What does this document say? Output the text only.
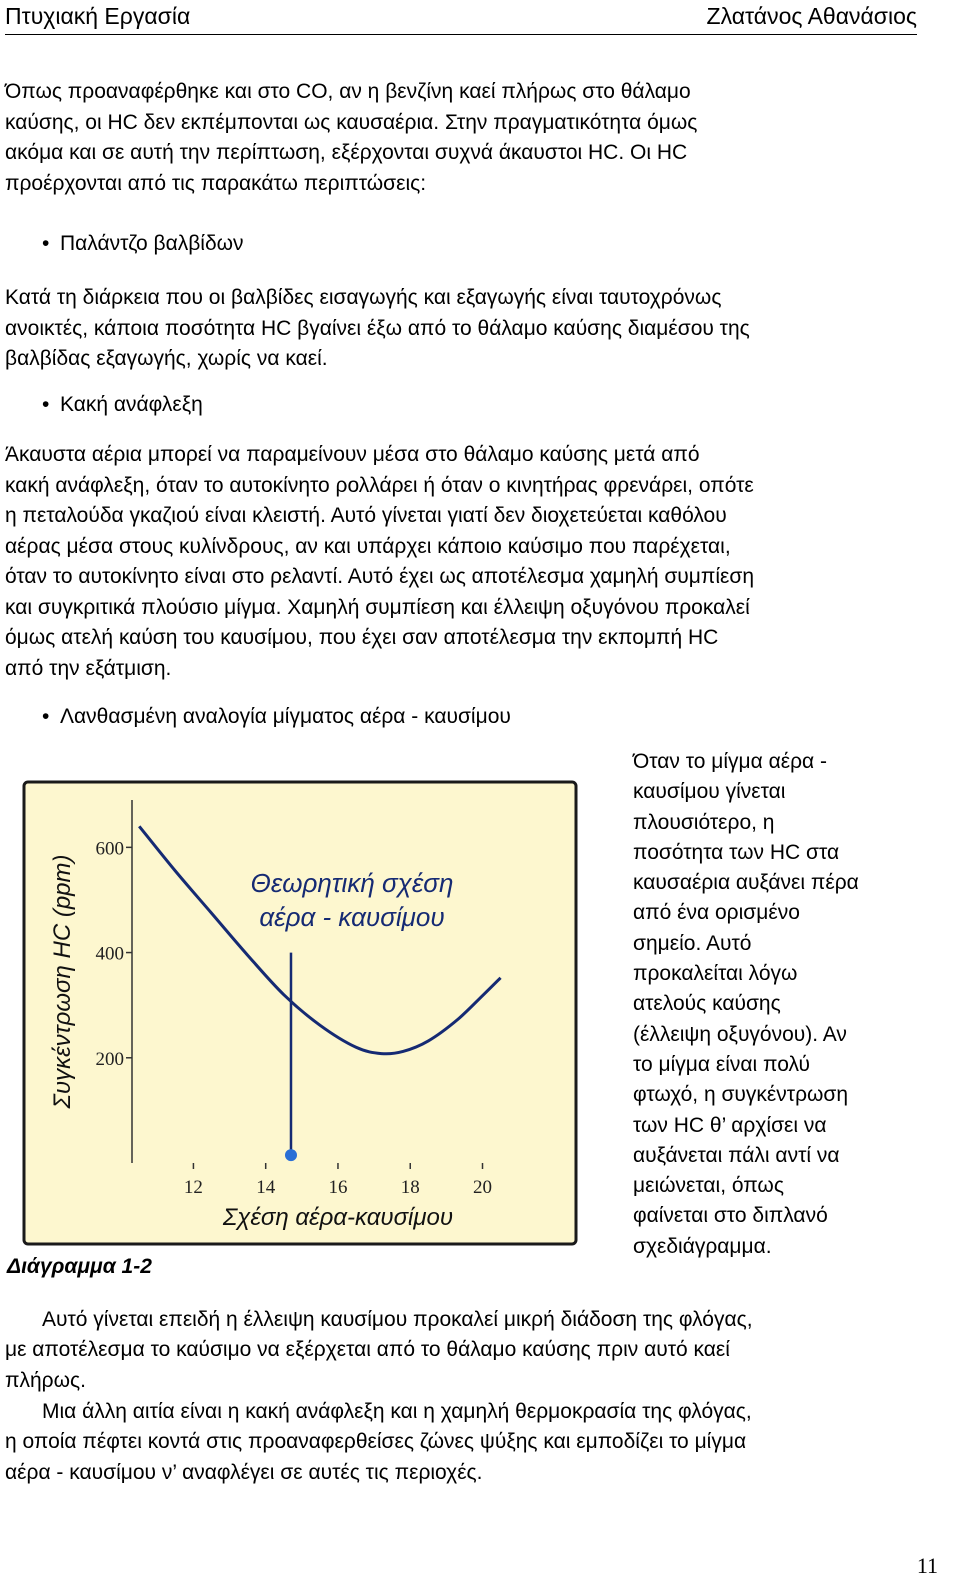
Πτυχιακή Εργασία	Ζλατάνος Αθανάσιος
Όπως προαναφέρθηκε και στο CO, αν η βενζίνη καεί πλήρως στο θάλαμο
καύσης, οι HC δεν εκπέμπονται ως καυσαέρια. Στην πραγματικότητα όμως
ακόμα και σε αυτή την περίπτωση, εξέρχονται συχνά άκαυστοι HC. Οι HC
προέρχονται από τις παρακάτω περιπτώσεις:
• Παλάντζο βαλβίδων
Κατά τη διάρκεια που οι βαλβίδες εισαγωγής και εξαγωγής είναι ταυτοχρόνως
ανοικτές, κάποια ποσότητα HC βγαίνει έξω από το θάλαμο καύσης διαμέσου της
βαλβίδας εξαγωγής, χωρίς να καεί.
• Κακή ανάφλεξη
Άκαυστα αέρια μπορεί να παραμείνουν μέσα στο θάλαμο καύσης μετά από
κακή ανάφλεξη, όταν το αυτοκίνητο ρολλάρει ή όταν ο κινητήρας φρενάρει, οπότε
η πεταλούδα γκαζιού είναι κλειστή. Αυτό γίνεται γιατί δεν διοχετεύεται καθόλου
αέρας μέσα στους κυλίνδρους, αν και υπάρχει κάποιο καύσιμο που παρέχεται,
όταν το αυτοκίνητο είναι στο ρελαντί. Αυτό έχει ως αποτέλεσμα χαμηλή συμπίεση
και συγκριτικά πλούσιο μίγμα. Χαμηλή συμπίεση και έλλειψη οξυγόνου προκαλεί
όμως ατελή καύση του καυσίμου, που έχει σαν αποτέλεσμα την εκπομπή HC
από την εξάτμιση.
• Λανθασμένη αναλογία μίγματος αέρα - καυσίμου
200
400
600
12	14	16	18	20
Σχέση αέρα-καυσίμου
Συγκέντρωση HC (ppm)	Θεωρητική σχέση
αέρα - καυσίμου
Διάγραμμα 1-2
Όταν το μίγμα αέρα -
καυσίμου γίνεται
πλουσιότερο, η
ποσότητα των HC στα
καυσαέρια αυξάνει πέρα
από ένα ορισμένο
σημείο. Αυτό
προκαλείται λόγω
ατελούς καύσης
(έλλειψη οξυγόνου). Αν
το μίγμα είναι πολύ
φτωχό, η συγκέντρωση
των HC θ’ αρχίσει να
αυξάνεται πάλι αντί να
μειώνεται, όπως
φαίνεται στο διπλανό
σχεδιάγραμμα.
Αυτό γίνεται επειδή η έλλειψη καυσίμου προκαλεί μικρή διάδοση της φλόγας,
με αποτέλεσμα το καύσιμο να εξέρχεται από το θάλαμο καύσης πριν αυτό καεί
πλήρως.
Μια άλλη αιτία είναι η κακή ανάφλεξη και η χαμηλή θερμοκρασία της φλόγας,
η οποία πέφτει κοντά στις προαναφερθείσες ζώνες ψύξης και εμποδίζει το μίγμα
αέρα - καυσίμου ν’ αναφλέγει σε αυτές τις περιοχές.
11
